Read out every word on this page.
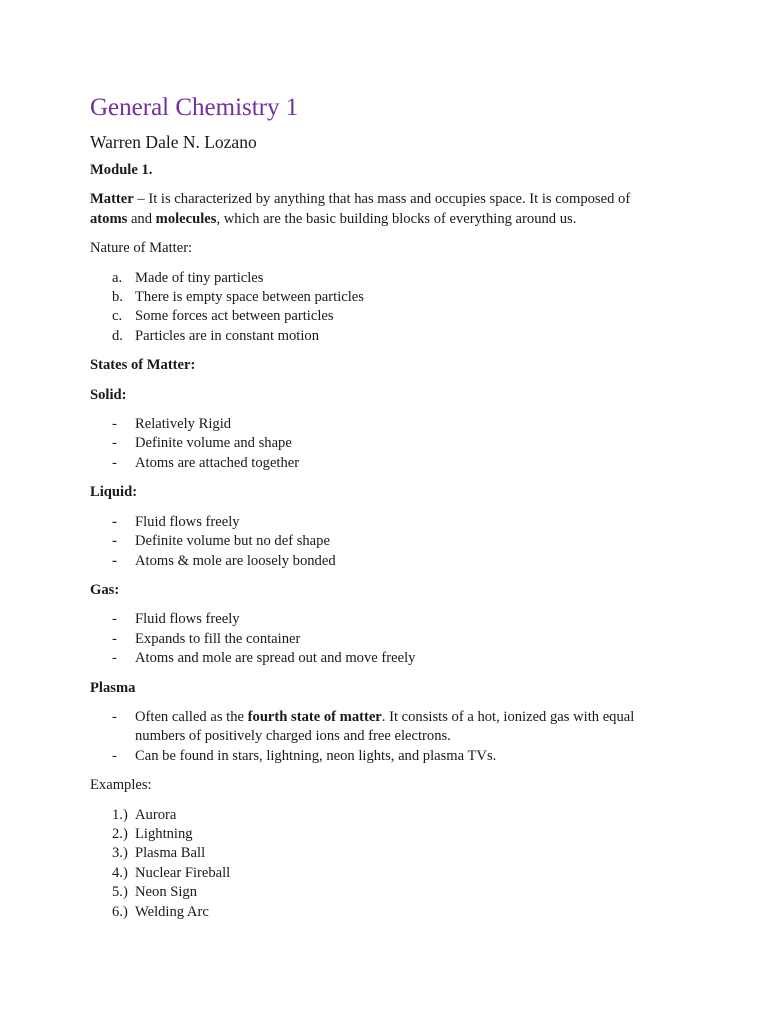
General Chemistry 1
Warren Dale N. Lozano

Module 1.

Matter – It is characterized by anything that has mass and occupies space. It is composed of atoms and molecules, which are the basic building blocks of everything around us.

Nature of Matter:

a. Made of tiny particles
b. There is empty space between particles
c. Some forces act between particles
d. Particles are in constant motion

States of Matter:

Solid:

- Relatively Rigid
- Definite volume and shape
- Atoms are attached together

Liquid:

- Fluid flows freely
- Definite volume but no def shape
- Atoms & mole are loosely bonded

Gas:

- Fluid flows freely
- Expands to fill the container
- Atoms and mole are spread out and move freely

Plasma

- Often called as the fourth state of matter. It consists of a hot, ionized gas with equal numbers of positively charged ions and free electrons.
- Can be found in stars, lightning, neon lights, and plasma TVs.

Examples:

1.) Aurora
2.) Lightning
3.) Plasma Ball
4.) Nuclear Fireball
5.) Neon Sign
6.) Welding Arc
